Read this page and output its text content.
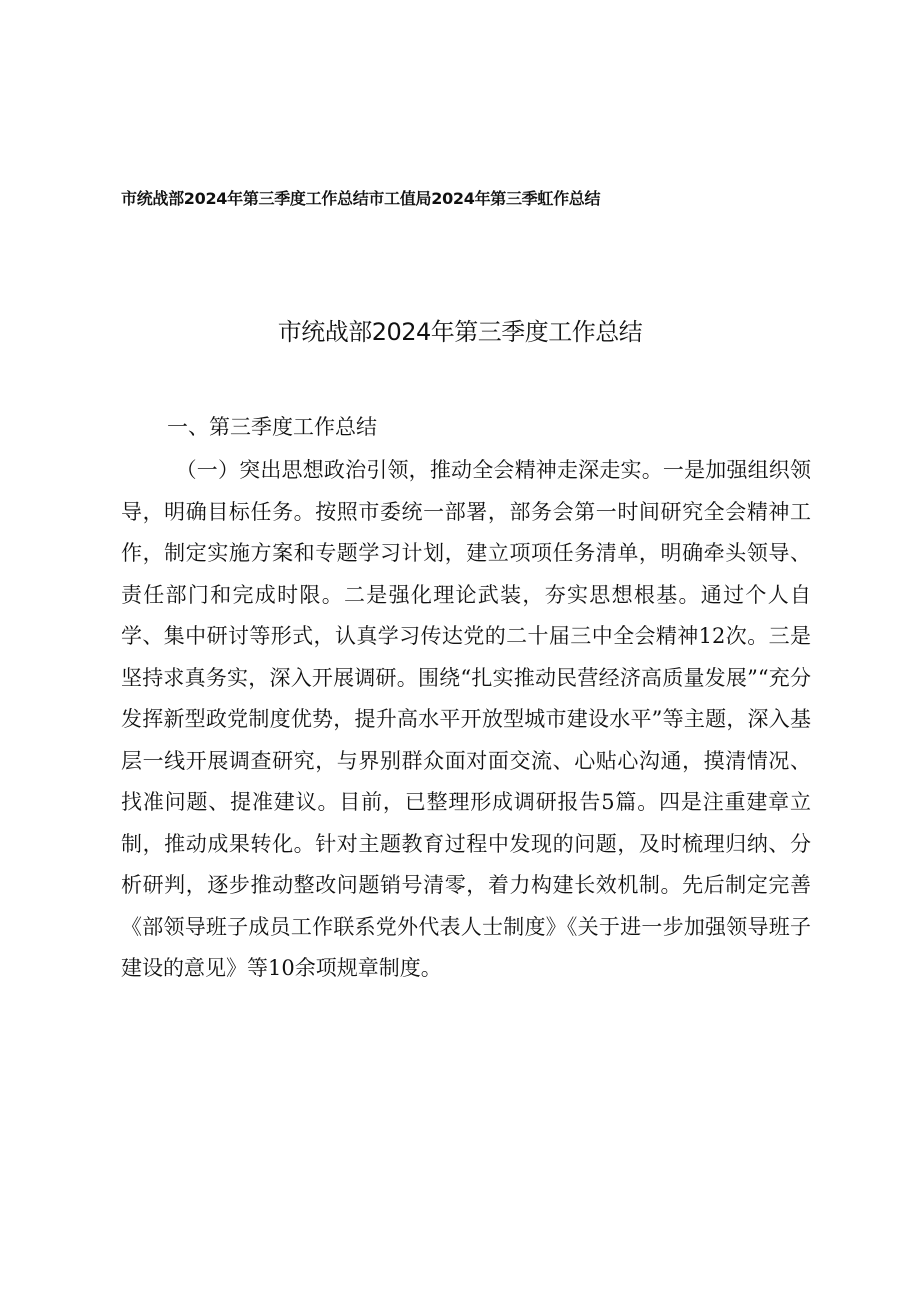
市统战部2024年第三季度工作总结市工值局2024年第三季虹作总结
市统战部2024年第三季度工作总结
一、第三季度工作总结

（一）突出思想政治引领，推动全会精神走深走实。一是加强组织领导，明确目标任务。按照市委统一部署，部务会第一时间研究全会精神工作，制定实施方案和专题学习计划，建立项项任务清单，明确牵头领导、责任部门和完成时限。二是强化理论武装，夯实思想根基。通过个人自学、集中研讨等形式，认真学习传达党的二十届三中全会精神12次。三是坚持求真务实，深入开展调研。围绕“扎实推动民营经济高质量发展”“充分发挥新型政党制度优势，提升高水平开放型城市建设水平”等主题，深入基层一线开展调查研究，与界别群众面对面交流、心贴心沟通，摸清情况、找准问题、提准建议。目前，已整理形成调研报告5篇。四是注重建章立制，推动成果转化。针对主题教育过程中发现的问题，及时梳理归纳、分析研判，逐步推动整改问题销号清零，着力构建长效机制。先后制定完善《部领导班子成员工作联系党外代表人士制度》《关于进一步加强领导班子建设的意见》等10余项规章制度。
